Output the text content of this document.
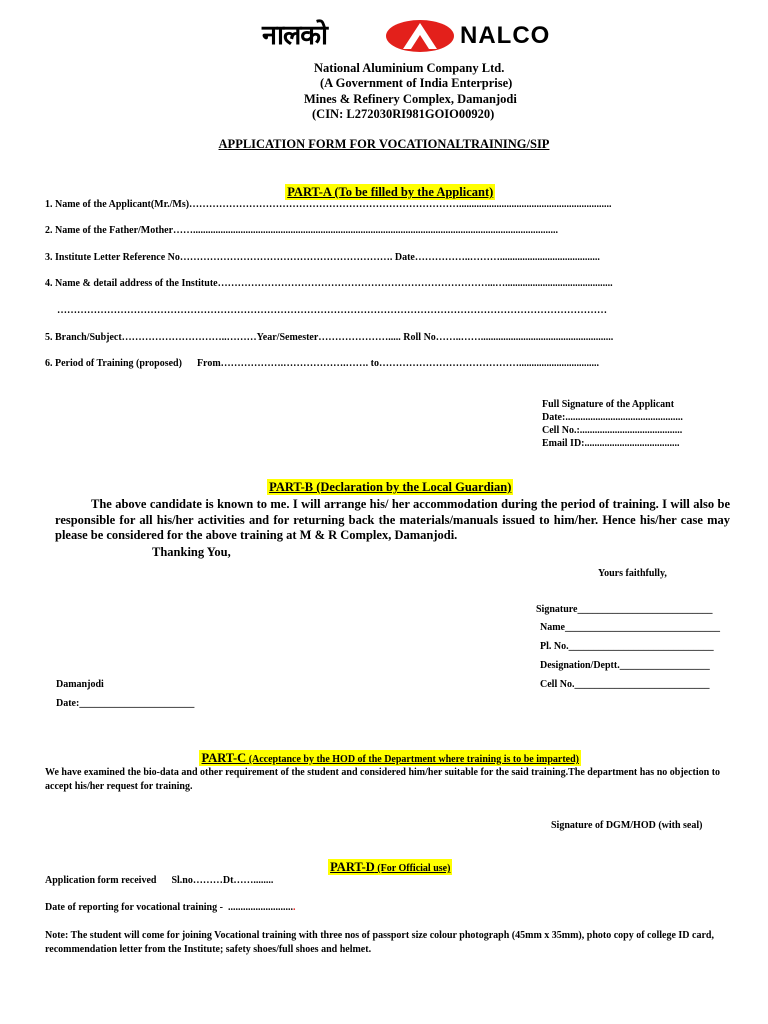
नालको	NALCO
National Aluminium Company Ltd.
(A Government of India Enterprise)
Mines & Refinery Complex, Damanjodi
(CIN: L272030RI981GOIO00920)
APPLICATION FORM FOR VOCATIONALTRAINING/SIP

PART-A (To be filled by the Applicant)

1. Name of the Applicant(Mr./Ms)……………………………………………………………………….............................................................
2. Name of the Father/Mother……..................................................................................................................................................
3. Institute Letter Reference No………………………………………………………. Date……………..………........................................
4. Name & detail address of the Institute………………………………………………………………………...…...........................................
…………………………………………………………………………………………………………………………………………………
5. Branch/Subject…………………………..………Year/Semester…………………..... Roll No……..…….....................................................
6. Period of Training (proposed)      From……………….……………….……. to……………………………………................................
Full Signature of the Applicant
Date:...............................................
Cell No.:.........................................
Email ID:......................................

PART-B (Declaration by the Local Guardian)

The above candidate is known to me. I will arrange his/ her accommodation during the period of training. I will also be responsible for all his/her activities and for returning back the materials/manuals issued to him/her. Hence his/her case may please be considered for the above training at M & R Complex, Damanjodi.
Thanking You,
Yours faithfully,
Signature___________________________
Name_______________________________
Pl. No._____________________________
Designation/Deptt.__________________
Damanjodi	Cell No.___________________________
Date:_______________________

PART-C (Acceptance by the HOD of the Department where training is to be imparted)

We have examined the bio-data and other requirement of the student and considered him/her suitable for the said training.The department has no objection to accept his/her request for training.
Signature of DGM/HOD (with seal)

PART-D (For Official use)

Application form received      Sl.no………Dt……........
Date of reporting for vocational training -  ...........................
Note: The student will come for joining Vocational training with three nos of passport size colour photograph (45mm x 35mm), photo copy of college ID card, recommendation letter from the Institute; safety shoes/full shoes and helmet.
